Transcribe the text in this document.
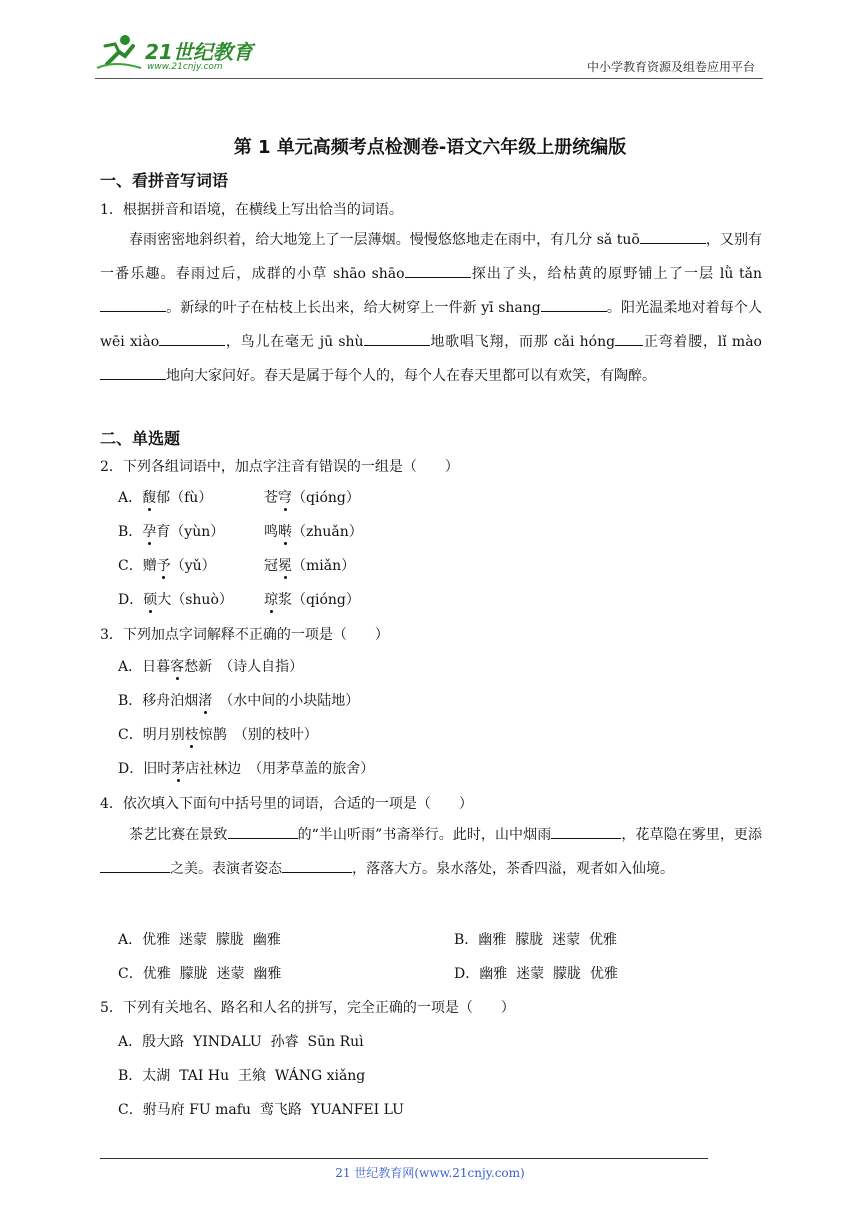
21世纪教育
www.21cnjy.com	中小学教育资源及组卷应用平台
第 1 单元高频考点检测卷-语文六年级上册统编版
一、看拼音写词语
1．根据拼音和语境，在横线上写出恰当的词语。
春雨密密地斜织着，给大地笼上了一层薄烟。慢慢悠悠地走在雨中，有几分 sǎ tuō	，又别有一番乐趣。春雨过后，成群的小草 shāo shāo	探出了头，给枯黄的原野铺上了一层 lǜ tǎn。新绿的叶子在枯枝上长出来，给大树穿上一件新 yī shang	。阳光温柔地对着每个人 wēi xiào	，鸟儿在毫无 jū shù	地歌唱飞翔，而那 cǎi hóng 正弯着腰，lǐ mào地向大家问好。春天是属于每个人的，每个人在春天里都可以有欢笑，有陶醉。
二、单选题
2．下列各组词语中，加点字注音有错误的一组是（　　）
A．馥郁（fù）	苍穹（qióng）
B．孕育（yùn）	鸣啭（zhuǎn）
C．赠予（yǔ）	冠冕（miǎn）
D．硕大（shuò） 琼浆（qióng）
3．下列加点字词解释不正确的一项是（　　）
A．日暮客愁新　（诗人自指）
B．移舟泊烟渚　（水中间的小块陆地）
C．明月别枝惊鹊　（别的枝叶）
D．旧时茅店社林边　（用茅草盖的旅舍）
4．依次填入下面句中括号里的词语，合适的一项是（　　）
茶艺比赛在景致	的“半山听雨”书斋举行。此时，山中烟雨	，花草隐在雾里，更添之美。表演者姿态	，落落大方。泉水落处，茶香四溢，观者如入仙境。
A．优雅  迷蒙  朦胧  幽雅	B．幽雅  朦胧  迷蒙  优雅
C．优雅  朦胧  迷蒙  幽雅	D．幽雅  迷蒙  朦胧  优雅
5．下列有关地名、路名和人名的拼写，完全正确的一项是（　　）
A．殷大路  YINDALU  孙睿  Sūn Ruì
B．太湖  TAI Hu  王飨  WÁNG xiǎng
C．驸马府 FU mafu  鸾飞路  YUANFEI LU
21 世纪教育网(www.21cnjy.com)
